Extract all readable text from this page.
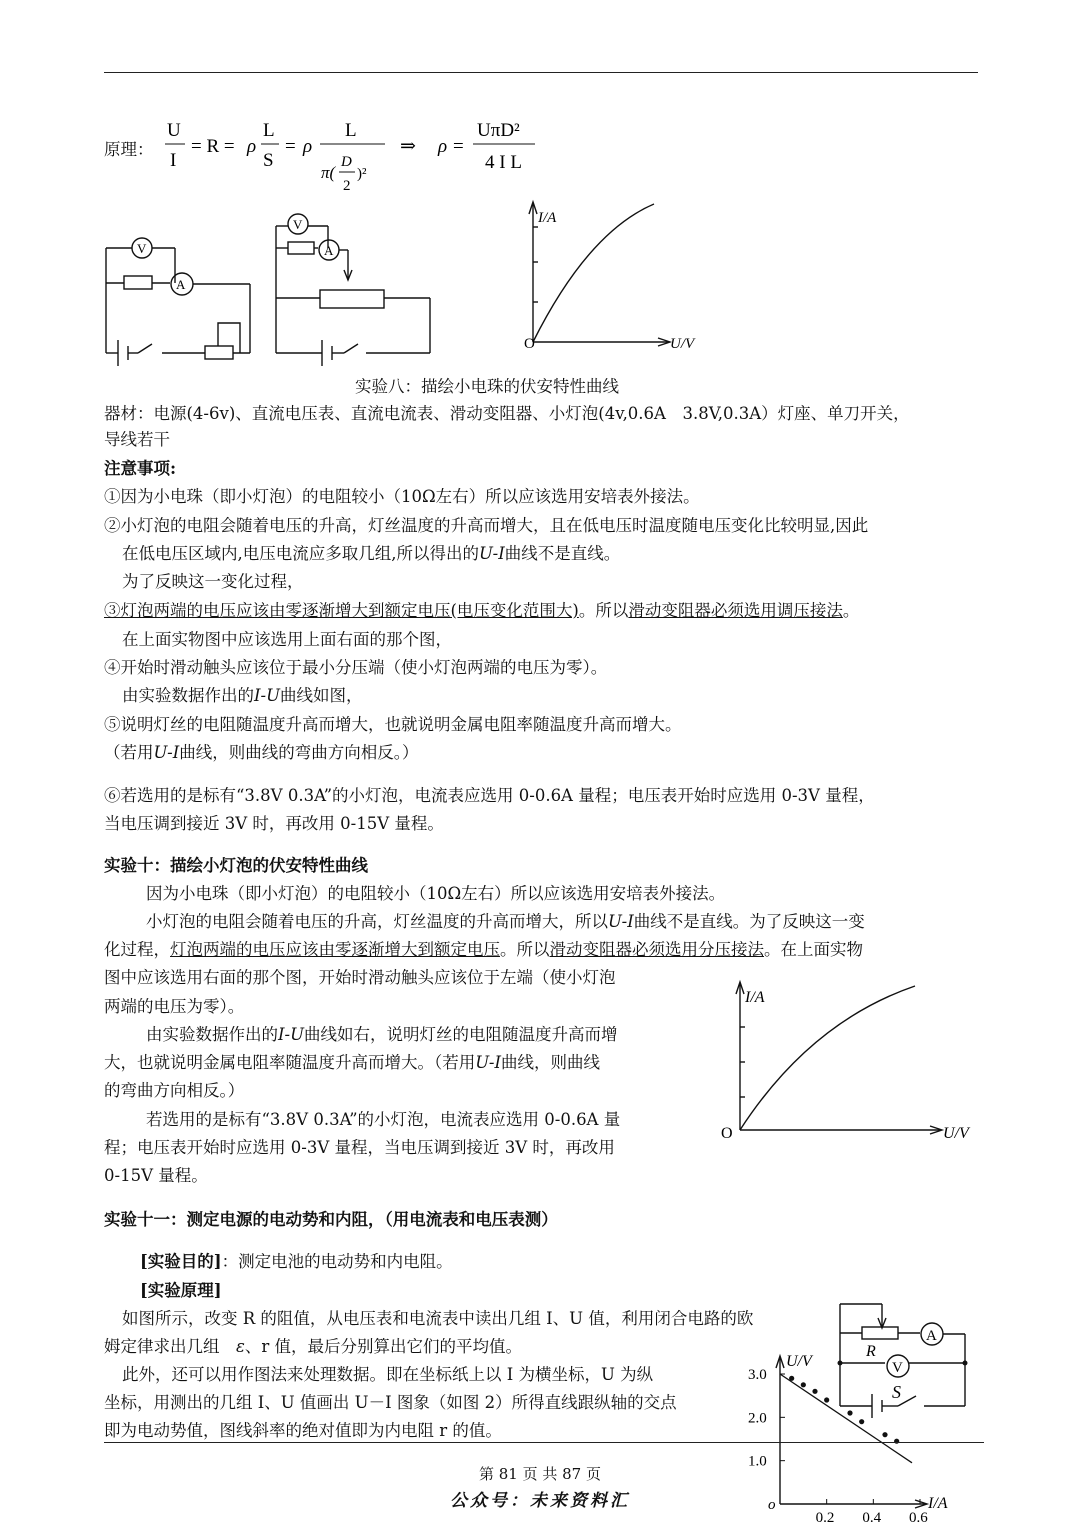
原理：
U
I
= R = ρ
L
S
= ρ
L
π(
D
2
)²
⇒ ρ =
UπD²
4 I L
V
A
V
A
I/A
U/V
O
实验八：描绘小电珠的伏安特性曲线
器材：电源(4-6v)、直流电压表、直流电流表、滑动变阻器、小灯泡(4v,0.6A　3.8V,0.3A）灯座、单刀开关，
导线若干
注意事项:
①因为小电珠（即小灯泡）的电阻较小（10Ω左右）所以应该选用安培表外接法。
②小灯泡的电阻会随着电压的升高，灯丝温度的升高而增大，且在低电压时温度随电压变化比较明显,因此
在低电压区域内,电压电流应多取几组,所以得出的U-I曲线不是直线。
为了反映这一变化过程，
③灯泡两端的电压应该由零逐渐增大到额定电压(电压变化范围大)。所以滑动变阻器必须选用调压接法。
在上面实物图中应该选用上面右面的那个图，
④开始时滑动触头应该位于最小分压端（使小灯泡两端的电压为零）。
由实验数据作出的I-U曲线如图，
⑤说明灯丝的电阻随温度升高而增大，也就说明金属电阻率随温度升高而增大。
（若用U-I曲线，则曲线的弯曲方向相反。）
⑥若选用的是标有“3.8V 0.3A”的小灯泡，电流表应选用 0-0.6A 量程；电压表开始时应选用 0-3V 量程，
当电压调到接近 3V 时，再改用 0-15V 量程。
实验十：描绘小灯泡的伏安特性曲线
因为小电珠（即小灯泡）的电阻较小（10Ω左右）所以应该选用安培表外接法。
小灯泡的电阻会随着电压的升高，灯丝温度的升高而增大，所以U-I曲线不是直线。为了反映这一变
化过程，灯泡两端的电压应该由零逐渐增大到额定电压。所以滑动变阻器必须选用分压接法。在上面实物
图中应该选用右面的那个图，开始时滑动触头应该位于左端（使小灯泡
两端的电压为零）。
由实验数据作出的I-U曲线如右，说明灯丝的电阻随温度升高而增
大，也就说明金属电阻率随温度升高而增大。（若用U-I曲线，则曲线
的弯曲方向相反。）
若选用的是标有“3.8V 0.3A”的小灯泡，电流表应选用 0-0.6A 量
程；电压表开始时应选用 0-3V 量程，当电压调到接近 3V 时，再改用
0-15V 量程。
I/A
U/V
O
实验十一：测定电源的电动势和内阻，（用电流表和电压表测）
[实验目的]：测定电池的电动势和内电阻。
[实验原理]
如图所示，改变 R 的阻值，从电压表和电流表中读出几组 I、U 值，利用闭合电路的欧
姆定律求出几组　 ε、r 值，最后分别算出它们的平均值。
此外，还可以用作图法来处理数据。即在坐标纸上以 I 为横坐标，U 为纵
坐标，用测出的几组 I、U 值画出 U－I 图象（如图 2）所得直线跟纵轴的交点
即为电动势值，图线斜率的绝对值即为内电阻 r 的值。
R
A
V
S
1.0
2.0
3.0
0.2 0.4 0.6
U/V
I/A
o
第 81 页 共 87 页
公众号：未来资料汇
